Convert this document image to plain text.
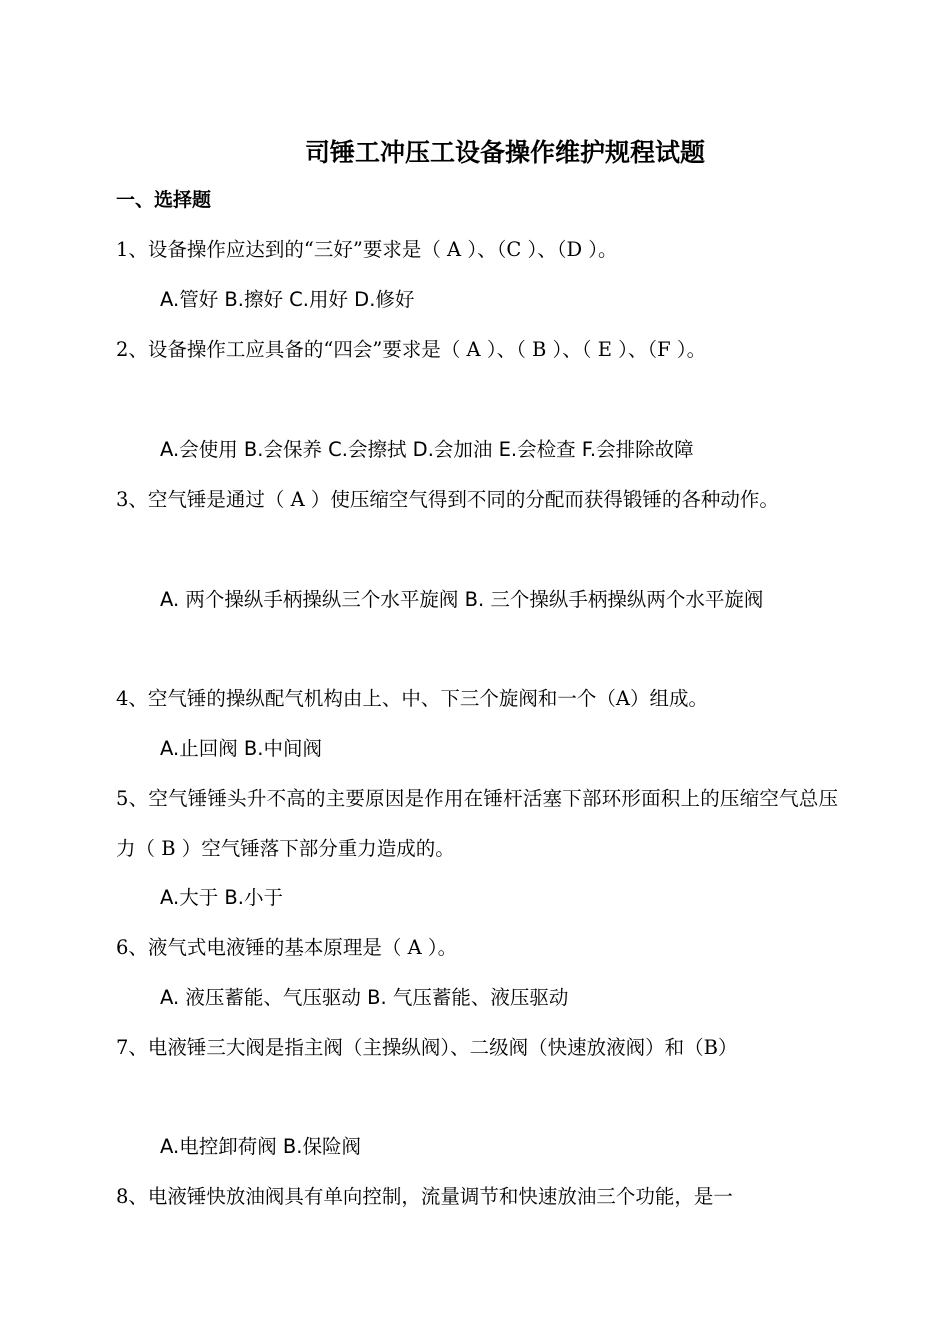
司锤工冲压工设备操作维护规程试题
一、选择题
1、设备操作应达到的“三好”要求是（ A ）、（C ）、（D ）。
A.管好 B.擦好 C.用好 D.修好
2、设备操作工应具备的“四会”要求是（ A ）、（ B ）、（ E ）、（F ）。
A.会使用 B.会保养 C.会擦拭 D.会加油 E.会检查 F.会排除故障
3、空气锤是通过（ A ）使压缩空气得到不同的分配而获得锻锤的各种动作。
A. 两个操纵手柄操纵三个水平旋阀 B. 三个操纵手柄操纵两个水平旋阀
4、空气锤的操纵配气机构由上、中、下三个旋阀和一个（A）组成。
A.止回阀 B.中间阀
5、空气锤锤头升不高的主要原因是作用在锤杆活塞下部环形面积上的压缩空气总压力（ B ）空气锤落下部分重力造成的。
A.大于 B.小于
6、液气式电液锤的基本原理是（ A ）。
A. 液压蓄能、气压驱动 B. 气压蓄能、液压驱动
7、电液锤三大阀是指主阀（主操纵阀）、二级阀（快速放液阀）和（B）
A.电控卸荷阀 B.保险阀
8、电液锤快放油阀具有单向控制，流量调节和快速放油三个功能，是一
